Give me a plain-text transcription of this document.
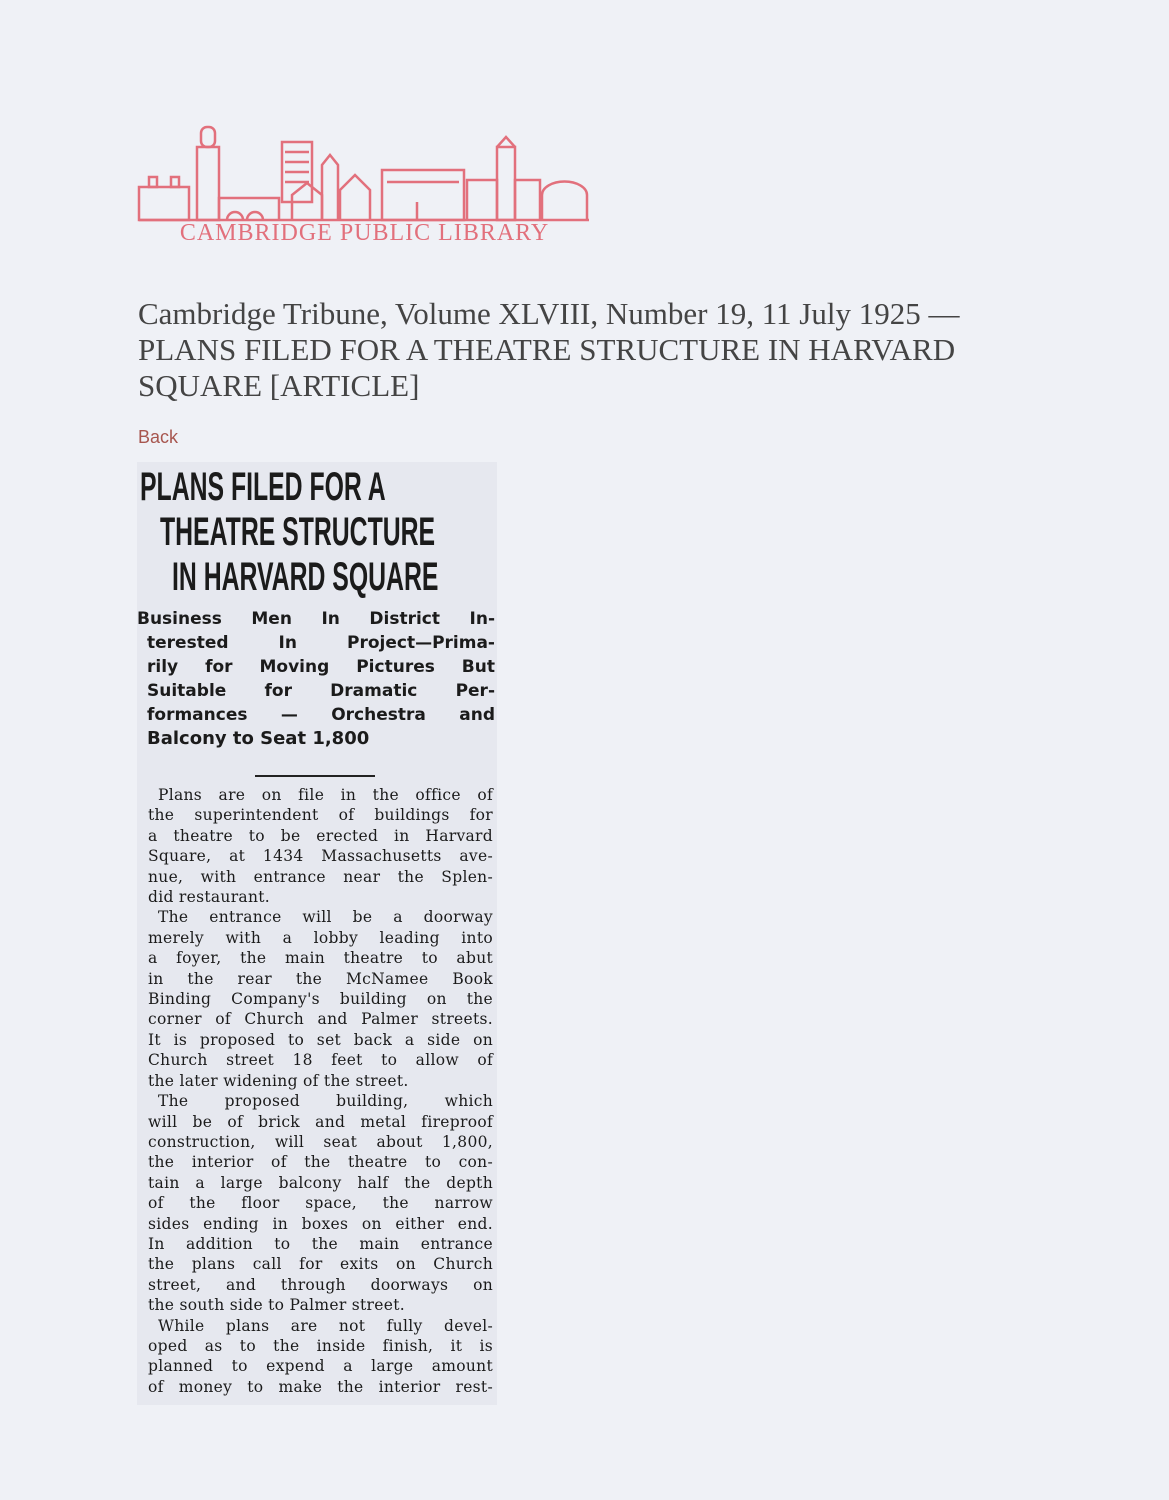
CAMBRIDGE PUBLIC LIBRARY
Cambridge Tribune, Volume XLVIII, Number 19, 11 July 1925 — PLANS FILED FOR A THEATRE STRUCTURE IN HARVARD SQUARE [ARTICLE]
Back
PLANS FILED FOR A
THEATRE STRUCTURE
IN HARVARD SQUARE
Business Men In District In-
terested In Project—Prima-
rily for Moving Pictures But
Suitable for Dramatic Per-
formances — Orchestra and
Balcony to Seat 1,800
Plans are on file in the office of
the superintendent of buildings for
a theatre to be erected in Harvard
Square, at 1434 Massachusetts ave-
nue, with entrance near the Splen-
did restaurant.
The entrance will be a doorway
merely with a lobby leading into
a foyer, the main theatre to abut
in the rear the McNamee Book
Binding Company's building on the
corner of Church and Palmer streets.
It is proposed to set back a side on
Church street 18 feet to allow of
the later widening of the street.
The proposed building, which
will be of brick and metal fireproof
construction, will seat about 1,800,
the interior of the theatre to con-
tain a large balcony half the depth
of the floor space, the narrow
sides ending in boxes on either end.
In addition to the main entrance
the plans call for exits on Church
street, and through doorways on
the south side to Palmer street.
While plans are not fully devel-
oped as to the inside finish, it is
planned to expend a large amount
of money to make the interior rest-
